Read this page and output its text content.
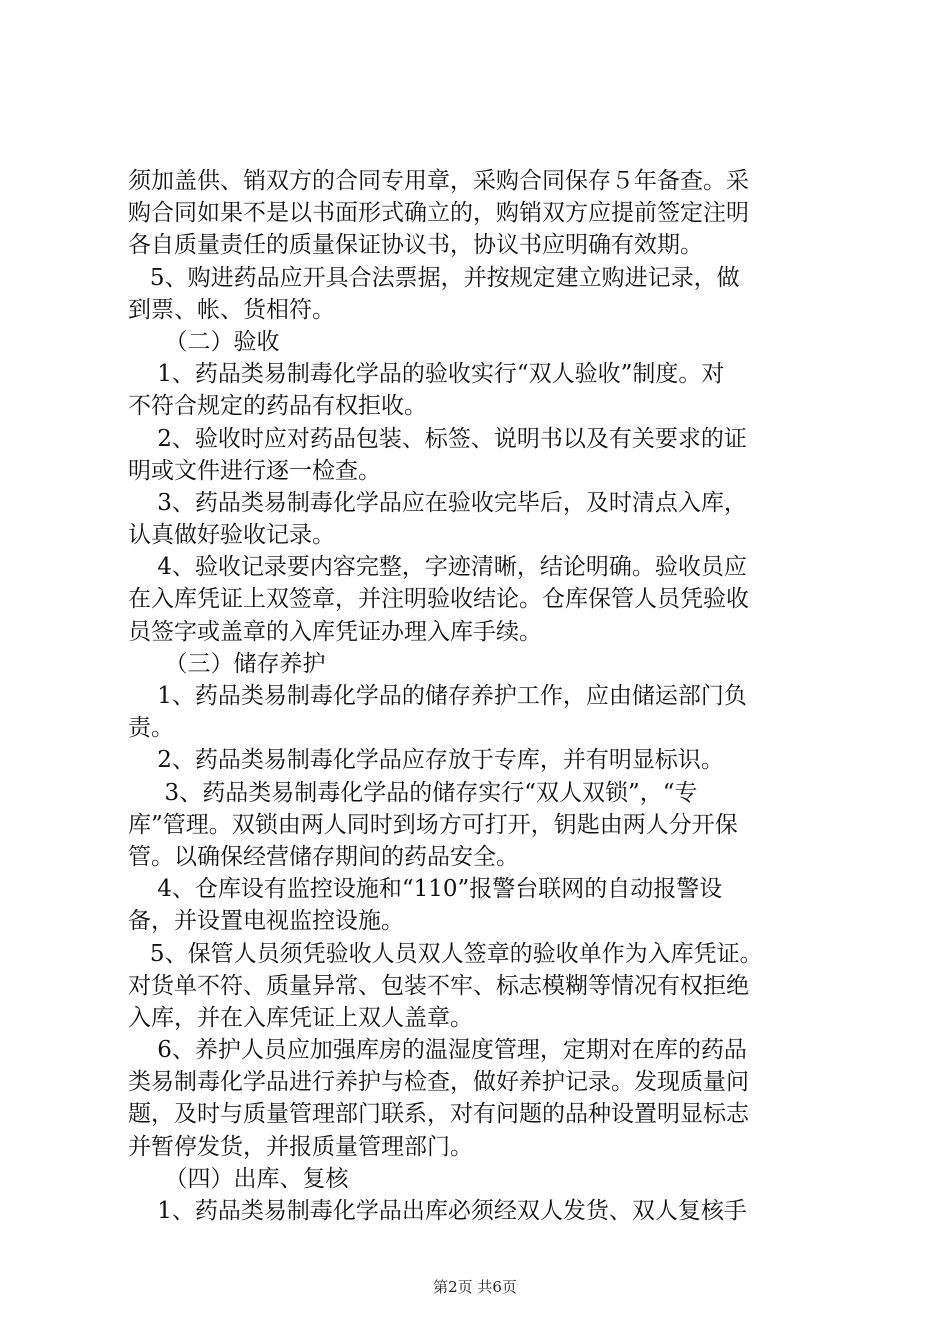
须加盖供、销双方的合同专用章，采购合同保存５年备查。采
购合同如果不是以书面形式确立的，购销双方应提前签定注明
各自质量责任的质量保证协议书，协议书应明确有效期。
5、购进药品应开具合法票据，并按规定建立购进记录，做
到票、帐、货相符。
（二）验收
1、药品类易制毒化学品的验收实行“双人验收”制度。对
不符合规定的药品有权拒收。
2、验收时应对药品包装、标签、说明书以及有关要求的证
明或文件进行逐一检查。
3、药品类易制毒化学品应在验收完毕后，及时清点入库，
认真做好验收记录。
4、验收记录要内容完整，字迹清晰，结论明确。验收员应
在入库凭证上双签章，并注明验收结论。仓库保管人员凭验收
员签字或盖章的入库凭证办理入库手续。
（三）储存养护
1、药品类易制毒化学品的储存养护工作，应由储运部门负
责。
2、药品类易制毒化学品应存放于专库，并有明显标识。
3、药品类易制毒化学品的储存实行“双人双锁”，“专
库”管理。双锁由两人同时到场方可打开，钥匙由两人分开保
管。以确保经营储存期间的药品安全。
4、仓库设有监控设施和“110”报警台联网的自动报警设
备，并设置电视监控设施。
5、保管人员须凭验收人员双人签章的验收单作为入库凭证。
对货单不符、质量异常、包装不牢、标志模糊等情况有权拒绝
入库，并在入库凭证上双人盖章。
6、养护人员应加强库房的温湿度管理，定期对在库的药品
类易制毒化学品进行养护与检查，做好养护记录。发现质量问
题，及时与质量管理部门联系，对有问题的品种设置明显标志
并暂停发货，并报质量管理部门。
（四）出库、复核
1、药品类易制毒化学品出库必须经双人发货、双人复核手
第2页 共6页
